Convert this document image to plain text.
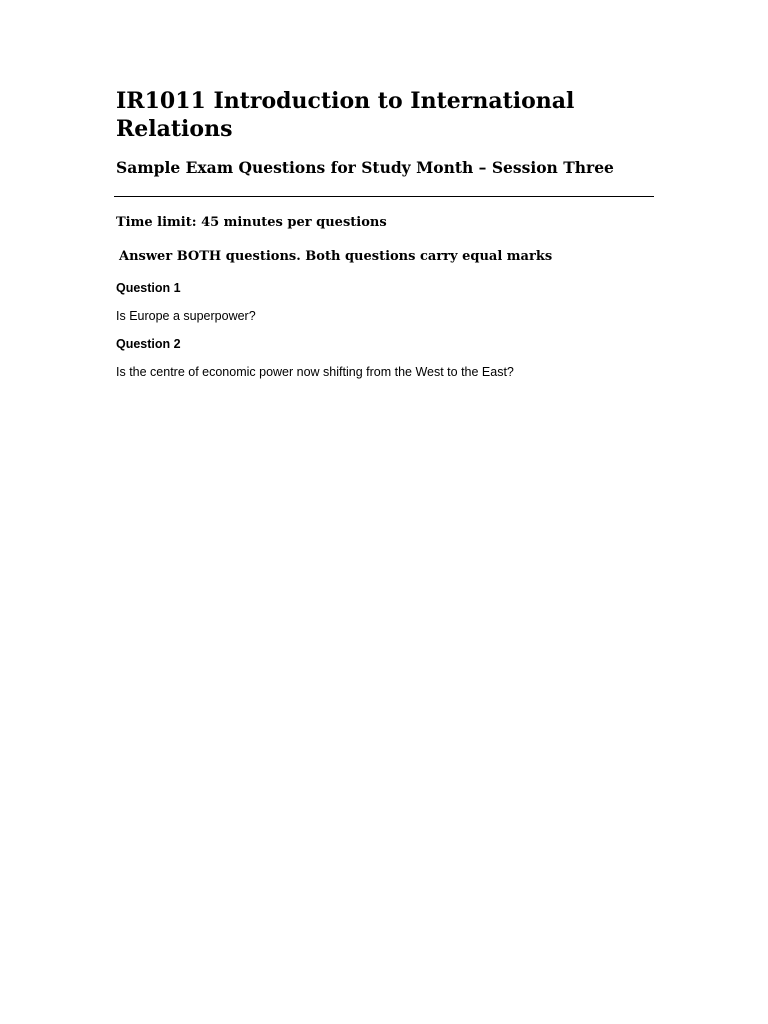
IR1011 Introduction to International Relations
Sample Exam Questions for Study Month – Session Three

Time limit: 45 minutes per questions

Answer BOTH questions. Both questions carry equal marks

Question 1

Is Europe a superpower?

Question 2

Is the centre of economic power now shifting from the West to the East?
